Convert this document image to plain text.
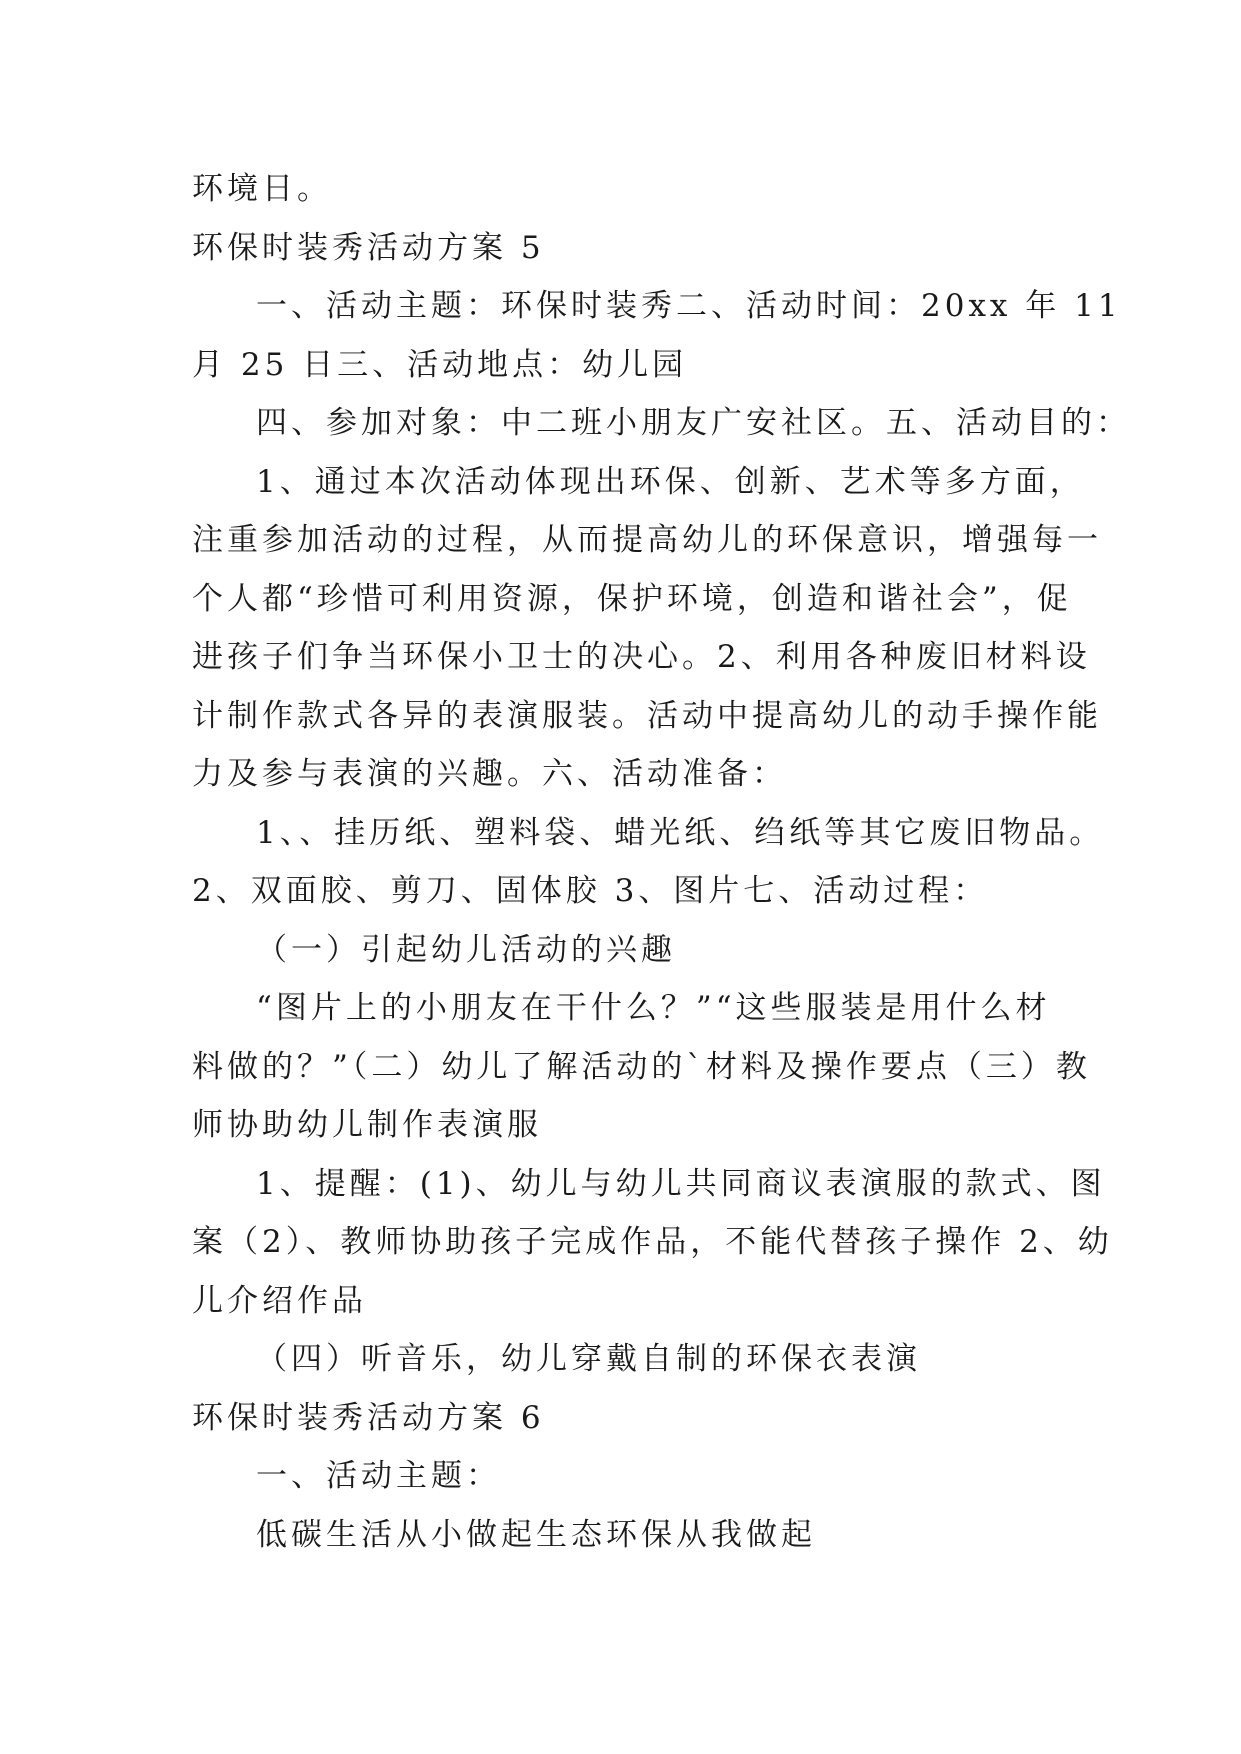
环境日。
环保时装秀活动方案 5
一、活动主题：环保时装秀二、活动时间：20xx 年 11
月 25 日三、活动地点：幼儿园
四、参加对象：中二班小朋友广安社区。五、活动目的：
1、通过本次活动体现出环保、创新、艺术等多方面，
注重参加活动的过程，从而提高幼儿的环保意识，增强每一
个人都“珍惜可利用资源，保护环境，创造和谐社会”，促
进孩子们争当环保小卫士的决心。2、利用各种废旧材料设
计制作款式各异的表演服装。活动中提高幼儿的动手操作能
力及参与表演的兴趣。六、活动准备：
1、、挂历纸、塑料袋、蜡光纸、绉纸等其它废旧物品。
2、双面胶、剪刀、固体胶 3、图片七、活动过程：
（一）引起幼儿活动的兴趣
“图片上的小朋友在干什么？”“这些服装是用什么材
料做的？”（二）幼儿了解活动的`材料及操作要点（三）教
师协助幼儿制作表演服
1、提醒：(1)、幼儿与幼儿共同商议表演服的款式、图
案（2）、教师协助孩子完成作品，不能代替孩子操作 2、幼
儿介绍作品
（四）听音乐，幼儿穿戴自制的环保衣表演
环保时装秀活动方案 6
一、活动主题：
低碳生活从小做起生态环保从我做起
